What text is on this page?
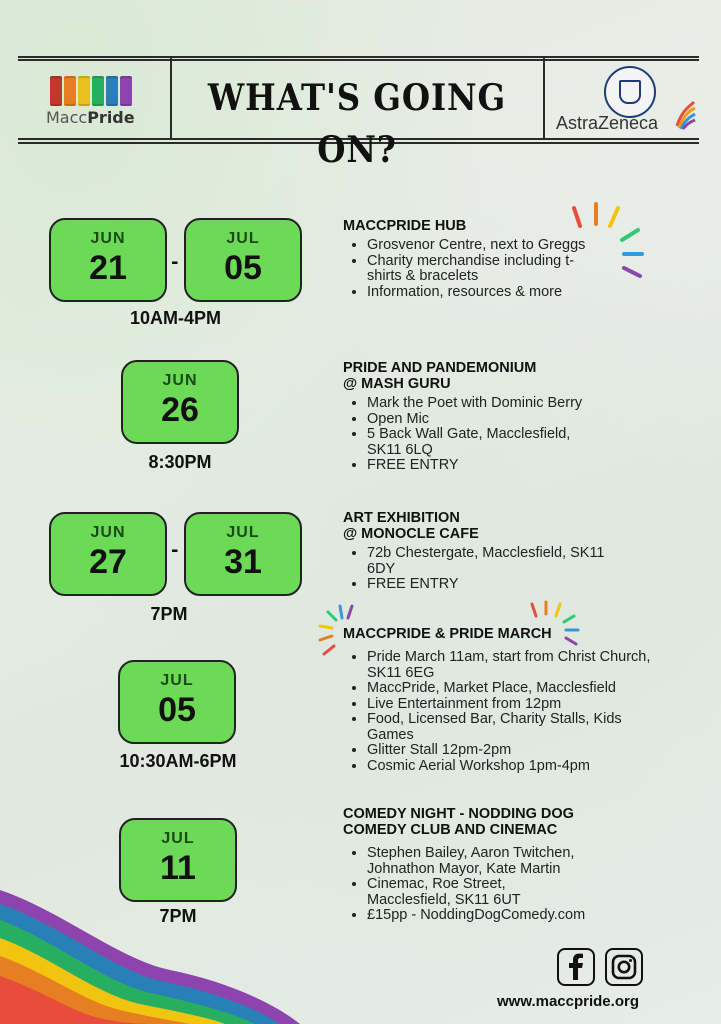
MaccPride	WHAT'S GOING ON?
AstraZeneca
JUN
21	-
JUL
05
10AM-4PM
MACCPRIDE HUB
• Grosvenor Centre, next to Greggs
• Charity merchandise including t-shirts & bracelets
• Information, resources & more
JUN
26
8:30PM
PRIDE AND PANDEMONIUM
@ MASH GURU
• Mark the Poet with Dominic Berry
• Open Mic
• 5 Back Wall Gate, Macclesfield, SK11 6LQ
• FREE ENTRY
JUN
27	-
JUL
31
7PM
ART EXHIBITION
@ MONOCLE CAFE
• 72b Chestergate, Macclesfield, SK11 6DY
• FREE ENTRY
JUL
05
10:30AM-6PM
MACCPRIDE & PRIDE MARCH
• Pride March 11am, start from Christ Church, SK11 6EG
• MaccPride, Market Place, Macclesfield
• Live Entertainment from 12pm
• Food, Licensed Bar, Charity Stalls, Kids Games
• Glitter Stall 12pm-2pm
• Cosmic Aerial Workshop 1pm-4pm
JUL
11
7PM
COMEDY NIGHT - NODDING DOG
COMEDY CLUB AND CINEMAC
• Stephen Bailey, Aaron Twitchen, Johnathon Mayor, Kate Martin
• Cinemac, Roe Street, Macclesfield, SK11 6UT
• £15pp - NoddingDogComedy.com
www.maccpride.org
